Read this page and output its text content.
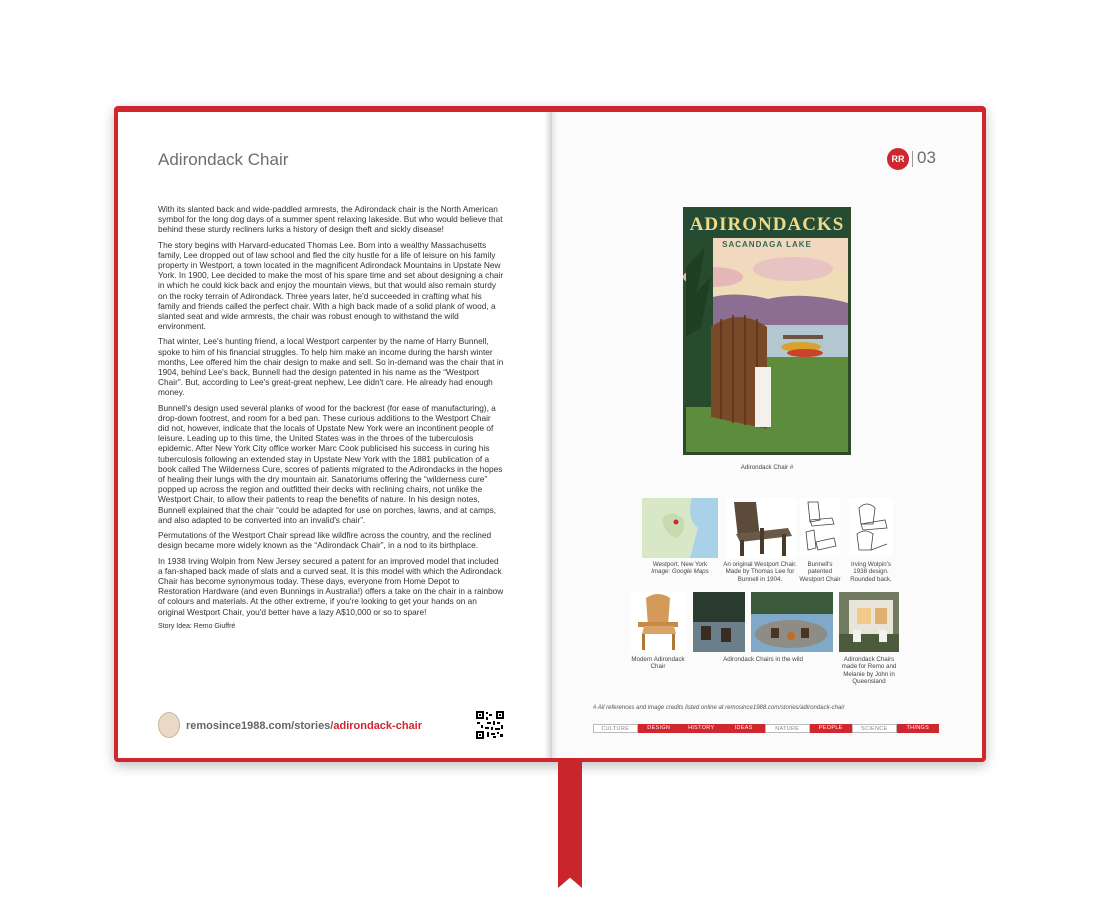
Adirondack Chair

With its slanted back and wide-paddled armrests, the Adirondack chair is the North American symbol for the long dog days of a summer spent relaxing lakeside. But who would believe that behind these sturdy recliners lurks a history of design theft and sickly disease!

The story begins with Harvard-educated Thomas Lee. Born into a wealthy Massachusetts family, Lee dropped out of law school and fled the city hustle for a life of leisure on his family property in Westport, a town located in the magnificent Adirondack Mountains in Upstate New York. In 1900, Lee decided to make the most of his spare time and set about designing a chair in which he could kick back and enjoy the mountain views, but that would also remain sturdy on the rocky terrain of Adirondack. Three years later, he'd succeeded in crafting what his family and friends called the perfect chair. With a high back made of a solid plank of wood, a slanted seat and wide armrests, the chair was robust enough to withstand the wild environment.

That winter, Lee's hunting friend, a local Westport carpenter by the name of Harry Bunnell, spoke to him of his financial struggles. To help him make an income during the harsh winter months, Lee offered him the chair design to make and sell. So in-demand was the chair that in 1904, behind Lee's back, Bunnell had the design patented in his name as the “Westport Chair”. But, according to Lee's great-great nephew, Lee didn't care. He already had enough money.

Bunnell's design used several planks of wood for the backrest (for ease of manufacturing), a drop-down footrest, and room for a bed pan. These curious additions to the Westport Chair did not, however, indicate that the locals of Upstate New York were an incontinent people of leisure. Leading up to this time, the United States was in the throes of the tuberculosis epidemic. After New York City office worker Marc Cook publicised his success in curing his tuberculosis following an extended stay in Upstate New York with the 1881 publication of a book called The Wilderness Cure, scores of patients migrated to the Adirondacks in the hopes of healing their lungs with the dry mountain air. Sanatoriums offering the “wilderness cure” popped up across the region and outfitted their decks with reclining chairs, not unlike the Westport Chair, to allow their patients to reap the benefits of nature. In his design notes, Bunnell explained that the chair “could be adapted for use on porches, lawns, and at camps, and also adapted to be converted into an invalid's chair”.

Permutations of the Westport Chair spread like wildfire across the country, and the reclined design became more widely known as the “Adirondack Chair”, in a nod to its birthplace.

In 1938 Irving Wolpin from New Jersey secured a patent for an improved model that included a fan-shaped back made of slats and a curved seat. It is this model with which the Adirondack Chair has become synonymous today. These days, everyone from Home Depot to Restoration Hardware (and even Bunnings in Australia!) offers a take on the chair in a rainbow of colours and materials. At the other extreme, if you're looking to get your hands on an original Westport Chair, you'd better have a lazy A$10,000 or so to spare!

Story Idea: Remo Giuffré
remosince1988.com/stories/adirondack-chair
RR 03
ADIRONDACKS
SACANDAGA LAKE
Adirondack Chair #
Westport, New York
Image: Google Maps
An original Westport Chair. Made by Thomas Lee for Bunnell in 1904.
Bunnell's patented Westport Chair
Irving Wolpin's 1938 design. Rounded back.
Modern Adirondack Chair
Adirondack Chairs in the wild	Adirondack Chairs made for Remo and Melanie by John in Queensland
# All references and image credits listed online at remosince1988.com/stories/adirondack-chair
CULTURE	DESIGN	HISTORY	IDEAS	NATURE	PEOPLE	SCIENCE	THINGS
